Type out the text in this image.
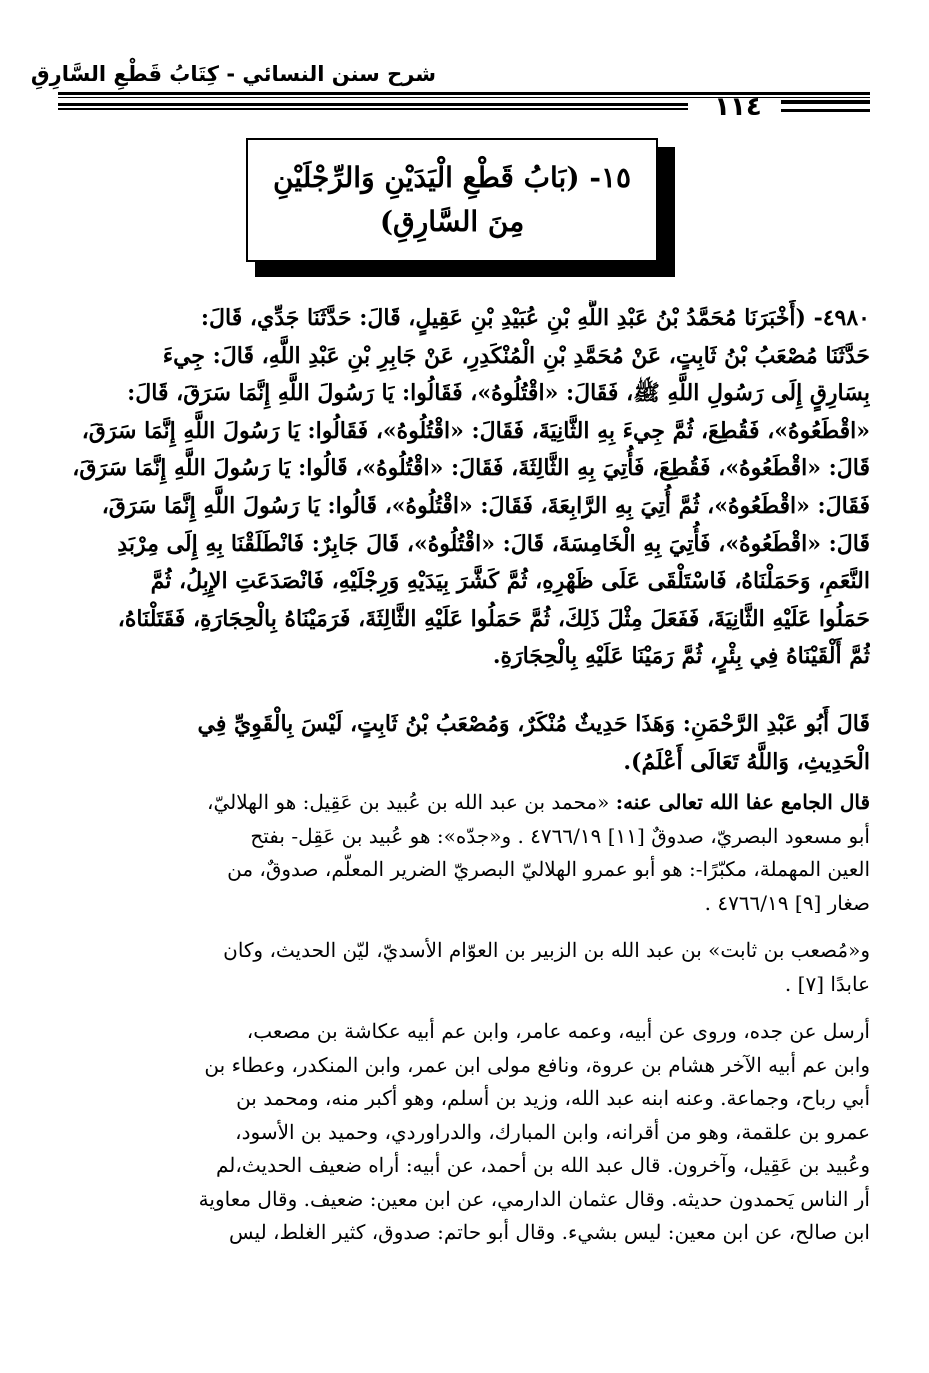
شرح سنن النسائي - كِتَابُ قَطْعِ السَّارِقِ
١١٤
١٥- (بَابُ قَطْعِ الْيَدَيْنِ وَالرِّجْلَيْنِ
مِنَ السَّارِقِ)
٤٩٨٠- (أَخْبَرَنَا مُحَمَّدُ بْنُ عَبْدِ اللَّهِ بْنِ عُبَيْدِ بْنِ عَقِيلٍ، قَالَ: حَدَّثَنَا جَدِّي، قَالَ:
حَدَّثَنَا مُصْعَبُ بْنُ ثَابِتٍ، عَنْ مُحَمَّدِ بْنِ الْمُنْكَدِرِ، عَنْ جَابِرِ بْنِ عَبْدِ اللَّهِ، قَالَ: جِيءَ
بِسَارِقٍ إِلَى رَسُولِ اللَّهِ ﷺ، فَقَالَ: «اقْتُلُوهُ»، فَقَالُوا: يَا رَسُولَ اللَّهِ إِنَّمَا سَرَقَ، قَالَ:
«اقْطَعُوهُ»، فَقُطِعَ، ثُمَّ جِيءَ بِهِ الثَّانِيَةَ، فَقَالَ: «اقْتُلُوهُ»، فَقَالُوا: يَا رَسُولَ اللَّهِ إِنَّمَا سَرَقَ،
قَالَ: «اقْطَعُوهُ»، فَقُطِعَ، فَأُتِيَ بِهِ الثَّالِثَةَ، فَقَالَ: «اقْتُلُوهُ»، قَالُوا: يَا رَسُولَ اللَّهِ إِنَّمَا سَرَقَ،
فَقَالَ: «اقْطَعُوهُ»، ثُمَّ أُتِيَ بِهِ الرَّابِعَةَ، فَقَالَ: «اقْتُلُوهُ»، قَالُوا: يَا رَسُولَ اللَّهِ إِنَّمَا سَرَقَ،
قَالَ: «اقْطَعُوهُ»، فَأُتِيَ بِهِ الْخَامِسَةَ، قَالَ: «اقْتُلُوهُ»، قَالَ جَابِرٌ: فَانْطَلَقْنَا بِهِ إِلَى مِرْبَدِ
النَّعَمِ، وَحَمَلْنَاهُ، فَاسْتَلْقَى عَلَى ظَهْرِهِ، ثُمَّ كَشَّرَ بِيَدَيْهِ وَرِجْلَيْهِ، فَانْصَدَعَتِ الإِبِلُ، ثُمَّ
حَمَلُوا عَلَيْهِ الثَّانِيَةَ، فَفَعَلَ مِثْلَ ذَلِكَ، ثُمَّ حَمَلُوا عَلَيْهِ الثَّالِثَةَ، فَرَمَيْنَاهُ بِالْحِجَارَةِ، فَقَتَلْنَاهُ،
ثُمَّ أَلْقَيْنَاهُ فِي بِئْرٍ، ثُمَّ رَمَيْنَا عَلَيْهِ بِالْحِجَارَةِ.
قَالَ أَبُو عَبْدِ الرَّحْمَنِ: وَهَذَا حَدِيثٌ مُنْكَرٌ، وَمُصْعَبُ بْنُ ثَابِتٍ، لَيْسَ بِالْقَوِيِّ فِي
الْحَدِيثِ، وَاللَّهُ تَعَالَى أَعْلَمُ).
قال الجامع عفا الله تعالى عنه: «محمد بن عبد الله بن عُبيد بن عَقِيل: هو الهلاليّ،
أبو مسعود البصريّ، صدوقٌ [١١] ٤٧٦٦/١٩ . و«جدّه»: هو عُبيد بن عَقِل- بفتح
العين المهملة، مكبّرًا-: هو أبو عمرو الهلاليّ البصريّ الضرير المعلّم، صدوقٌ، من
صغار [٩] ٤٧٦٦/١٩ .
و«مُصعب بن ثابت» بن عبد الله بن الزبير بن العوّام الأسديّ، ليّن الحديث، وكان
عابدًا [٧] .
أرسل عن جده، وروى عن أبيه، وعمه عامر، وابن عم أبيه عكاشة بن مصعب،
وابن عم أبيه الآخر هشام بن عروة، ونافع مولى ابن عمر، وابن المنكدر، وعطاء بن
أبي رباح، وجماعة. وعنه ابنه عبد الله، وزيد بن أسلم، وهو أكبر منه، ومحمد بن
عمرو بن علقمة، وهو من أقرانه، وابن المبارك، والدراوردي، وحميد بن الأسود،
وعُبيد بن عَقِيل، وآخرون. قال عبد الله بن أحمد، عن أبيه: أراه ضعيف الحديث،لم
أر الناس يَحمدون حديثه. وقال عثمان الدارمي، عن ابن معين: ضعيف. وقال معاوية
ابن صالح، عن ابن معين: ليس بشيء. وقال أبو حاتم: صدوق، كثير الغلط، ليس
